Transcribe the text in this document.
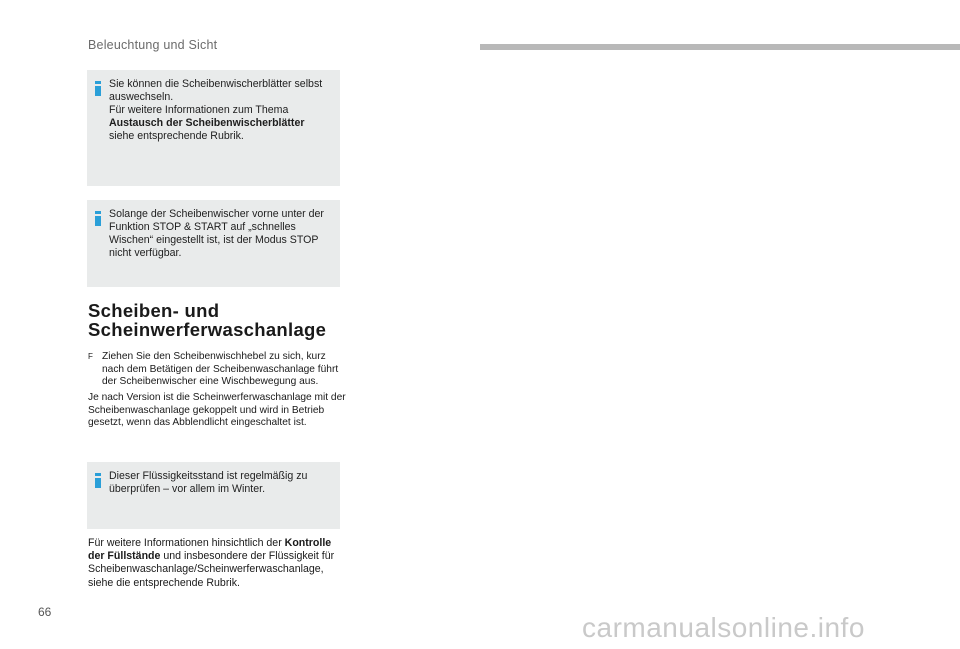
Beleuchtung und Sicht
Sie können die Scheibenwischerblätter selbst auswechseln.
Für weitere Informationen zum Thema
Austausch der Scheibenwischerblätter
siehe entsprechende Rubrik.
Solange der Scheibenwischer vorne unter der Funktion STOP & START auf „schnelles Wischen“ eingestellt ist, ist der Modus STOP nicht verfügbar.
Scheiben- und
Scheinwerferwaschanlage
F Ziehen Sie den Scheibenwischhebel zu sich, kurz nach dem Betätigen der Scheibenwaschanlage führt der Scheibenwischer eine Wischbewegung aus.
Je nach Version ist die Scheinwerferwaschanlage mit der Scheibenwaschanlage gekoppelt und wird in Betrieb gesetzt, wenn das Abblendlicht eingeschaltet ist.
Dieser Flüssigkeitsstand ist regelmäßig zu überprüfen – vor allem im Winter.
Für weitere Informationen hinsichtlich der Kontrolle der Füllstände und insbesondere der Flüssigkeit für Scheibenwaschanlage/Scheinwerferwaschanlage, siehe die entsprechende Rubrik.
66	carmanualsonline.info
